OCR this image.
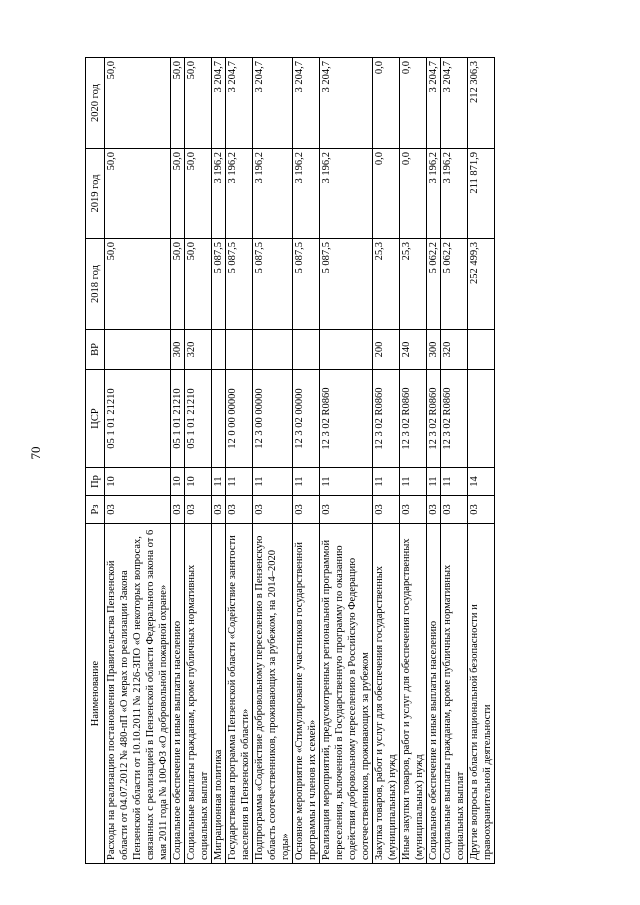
70
Наименование	Рз	Пр	ЦСР	ВР	2018 год	2019 год	2020 год
Расходы на реализацию постановления Правительства Пензенской области от 04.07.2012 № 480-пП «О мерах по реализации Закона Пензенской области от 10.10.2011 № 2126-ЗПО «О некоторых вопросах, связанных с реализацией в Пензенской области Федерального закона от 6 мая 2011 года № 100-ФЗ «О добровольной пожарной охране»	03	10	05 1 01 21210		50,0	50,0	50,0
Социальное обеспечение и иные выплаты населению	03	10	05 1 01 21210	300	50,0	50,0	50,0
Социальные выплаты гражданам, кроме публичных нормативных социальных выплат	03	10	05 1 01 21210	320	50,0	50,0	50,0
Миграционная политика	03	11			5 087,5	3 196,2	3 204,7
Государственная программа Пензенской области «Содействие занятости населения в Пензенской области»	03	11	12 0 00 00000		5 087,5	3 196,2	3 204,7
Подпрограмма «Содействие добровольному переселению в Пензенскую область соотечественников, проживающих за рубежом, на 2014–2020 годы»	03	11	12 3 00 00000		5 087,5	3 196,2	3 204,7
Основное мероприятие «Стимулирование участников государственной программы и членов их семей»	03	11	12 3 02 00000		5 087,5	3 196,2	3 204,7
Реализация мероприятий, предусмотренных региональной программой переселения, включенной в Государственную программу по оказанию содействия добровольному переселению в Российскую Федерацию соотечественников, проживающих за рубежом	03	11	12 3 02 R0860		5 087,5	3 196,2	3 204,7
Закупка товаров, работ и услуг для обеспечения государственных (муниципальных) нужд	03	11	12 3 02 R0860	200	25,3	0,0	0,0
Иные закупки товаров, работ и услуг для обеспечения государственных (муниципальных) нужд	03	11	12 3 02 R0860	240	25,3	0,0	0,0
Социальное обеспечение и иные выплаты населению	03	11	12 3 02 R0860	300	5 062,2	3 196,2	3 204,7
Социальные выплаты гражданам, кроме публичных нормативных социальных выплат	03	11	12 3 02 R0860	320	5 062,2	3 196,2	3 204,7
Другие вопросы в области национальной безопасности и правоохранительной деятельности	03	14			252 499,3	211 871,9	212 306,3
